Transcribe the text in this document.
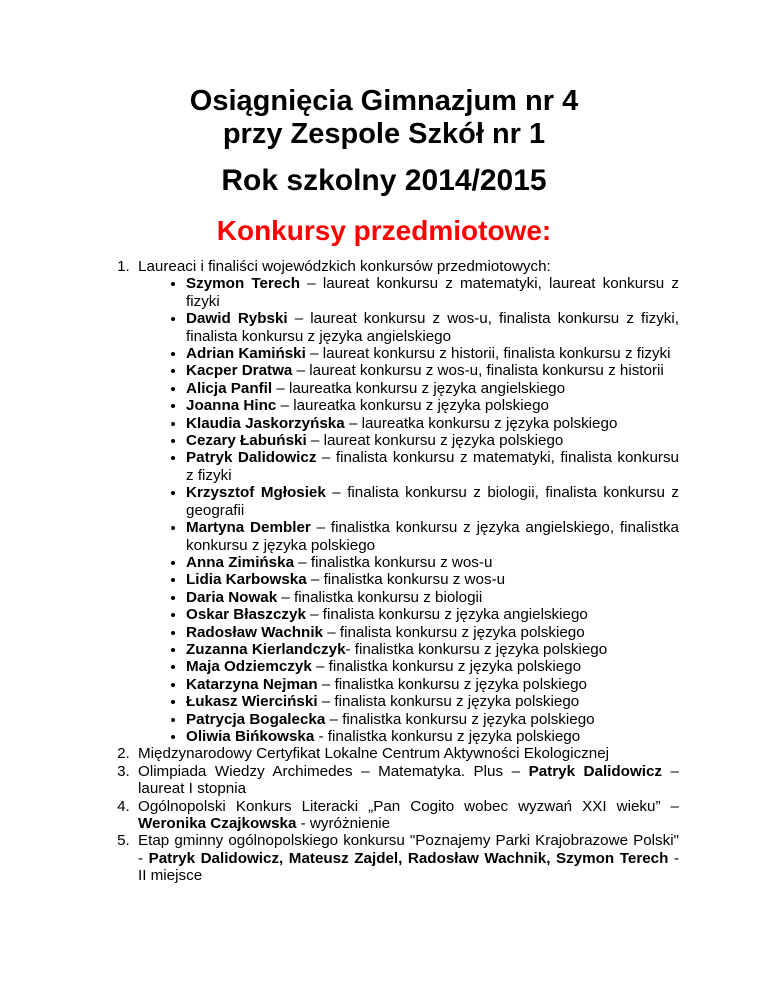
Osiągnięcia Gimnazjum nr 4
przy Zespole Szkół nr 1
Rok szkolny 2014/2015
Konkursy przedmiotowe:
1. Laureaci i finaliści wojewódzkich konkursów przedmiotowych:
• Szymon Terech – laureat konkursu z matematyki, laureat konkursu z fizyki
• Dawid Rybski – laureat konkursu z wos-u, finalista konkursu z fizyki, finalista konkursu z języka angielskiego
• Adrian Kamiński – laureat konkursu z historii, finalista konkursu z fizyki
• Kacper Dratwa – laureat konkursu z wos-u, finalista konkursu z historii
• Alicja Panfil – laureatka konkursu z języka angielskiego
• Joanna Hinc – laureatka konkursu z języka polskiego
• Klaudia Jaskorzyńska – laureatka konkursu z języka polskiego
• Cezary Łabuński – laureat konkursu z języka polskiego
• Patryk Dalidowicz – finalista konkursu z matematyki, finalista konkursu z fizyki
• Krzysztof Mgłosiek – finalista konkursu z biologii, finalista konkursu z geografii
• Martyna Dembler – finalistka konkursu z języka angielskiego, finalistka konkursu z języka polskiego
• Anna Zimińska – finalistka konkursu z wos-u
• Lidia Karbowska – finalistka konkursu z wos-u
• Daria Nowak – finalistka konkursu z biologii
• Oskar Błaszczyk – finalista konkursu z języka angielskiego
• Radosław Wachnik – finalista konkursu z języka polskiego
• Zuzanna Kierlandczyk- finalistka konkursu z języka polskiego
• Maja Odziemczyk – finalistka konkursu z języka polskiego
• Katarzyna Nejman – finalistka konkursu z języka polskiego
• Łukasz Wierciński – finalista konkursu z języka polskiego
• Patrycja Bogalecka – finalistka konkursu z języka polskiego
• Oliwia Bińkowska - finalistka konkursu z języka polskiego
2. Międzynarodowy Certyfikat Lokalne Centrum Aktywności Ekologicznej
3. Olimpiada Wiedzy Archimedes – Matematyka. Plus – Patryk Dalidowicz – laureat I stopnia
4. Ogólnopolski Konkurs Literacki „Pan Cogito wobec wyzwań XXI wieku” – Weronika Czajkowska - wyróżnienie
5. Etap gminny ogólnopolskiego konkursu "Poznajemy Parki Krajobrazowe Polski" - Patryk Dalidowicz, Mateusz Zajdel, Radosław Wachnik, Szymon Terech - II miejsce
